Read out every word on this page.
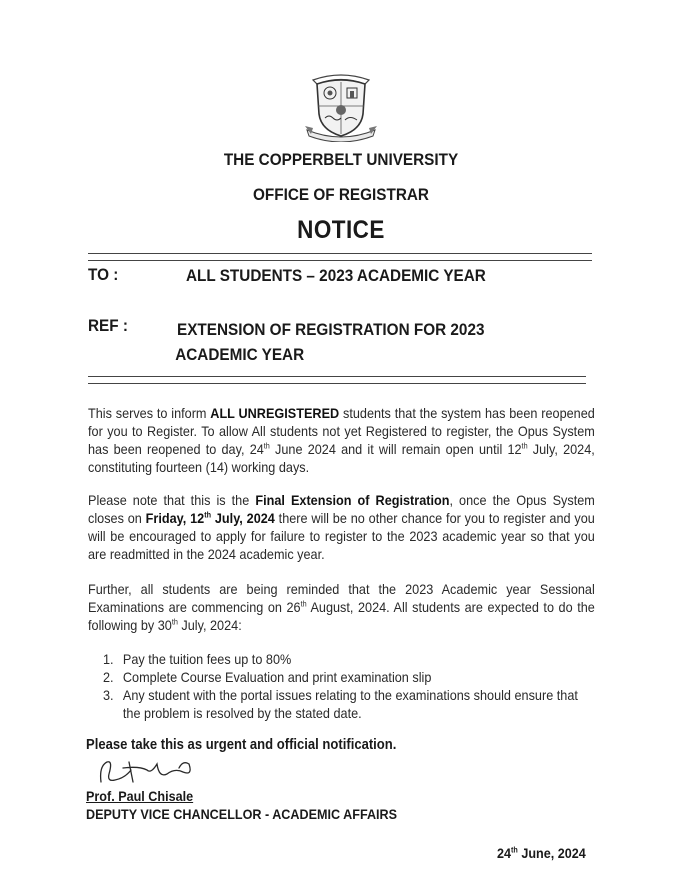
THE COPPERBELT UNIVERSITY
OFFICE OF REGISTRAR
NOTICE
TO :	ALL STUDENTS – 2023 ACADEMIC YEAR
REF :	EXTENSION OF REGISTRATION FOR 2023
ACADEMIC YEAR
This serves to inform ALL UNREGISTERED students that the system has been reopened for you to Register. To allow All students not yet Registered to register, the Opus System has been reopened to day, 24th June 2024 and it will remain open until 12th July, 2024, constituting fourteen (14) working days.
Please note that this is the Final Extension of Registration, once the Opus System closes on Friday, 12th July, 2024 there will be no other chance for you to register and you will be encouraged to apply for failure to register to the 2023 academic year so that you are readmitted in the 2024 academic year.
Further, all students are being reminded that the 2023 Academic year Sessional Examinations are commencing on 26th August, 2024. All students are expected to do the following by 30th July, 2024:
1. Pay the tuition fees up to 80%
2. Complete Course Evaluation and print examination slip
3. Any student with the portal issues relating to the examinations should ensure that the problem is resolved by the stated date.
Please take this as urgent and official notification.
Prof. Paul Chisale
DEPUTY VICE CHANCELLOR - ACADEMIC AFFAIRS
24th June, 2024
